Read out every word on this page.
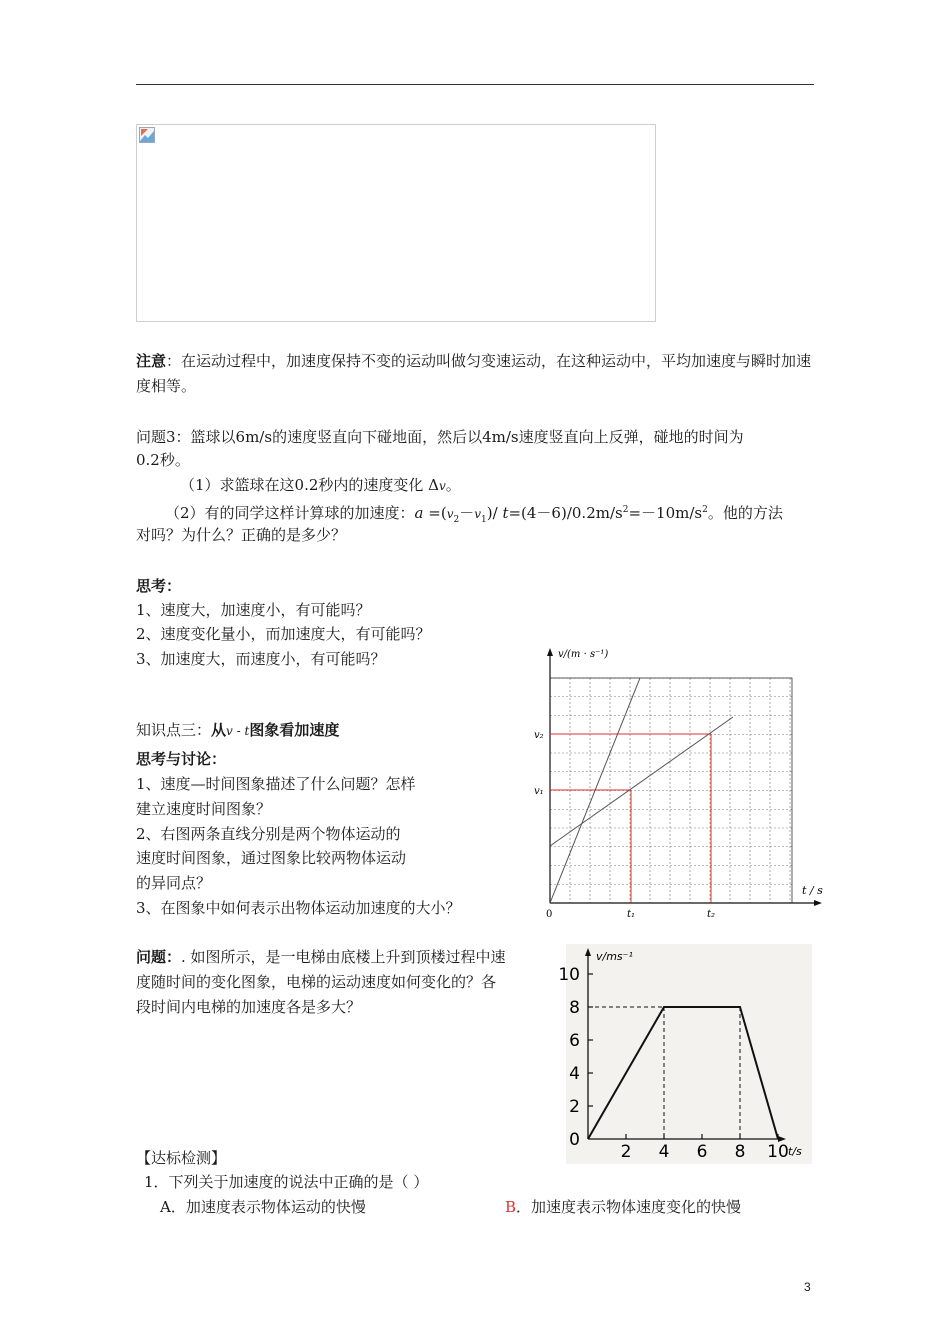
注意：在运动过程中，加速度保持不变的运动叫做匀变速运动，在这种运动中，平均加速度与瞬时加速度相等。
问题3：篮球以6m/s的速度竖直向下碰地面，然后以4m/s速度竖直向上反弹，碰地的时间为
0.2秒。
（1）求篮球在这0.2秒内的速度变化 Δv。
（2）有的同学这样计算球的加速度：$a =(v_2-v_1)/$ $t=(4-6)/0.2m/s^2=-10m/s^2$。他的方法
对吗？为什么？正确的是多少？
思考：
1、速度大，加速度小，有可能吗？
2、速度变化量小，而加速度大，有可能吗？
3、加速度大，而速度小，有可能吗？
知识点三：从v - t图象看加速度
思考与讨论：
1、速度—时间图象描述了什么问题？怎样
建立速度时间图象？
2、右图两条直线分别是两个物体运动的
速度时间图象，通过图象比较两物体运动
的异同点？
3、在图象中如何表示出物体运动加速度的大小？
v/(m · s⁻¹)
t / s
0	t₁	t₂
v₁
v₂
问题：. 如图所示，是一电梯由底楼上升到顶楼过程中速
度随时间的变化图象，电梯的运动速度如何变化的？各
段时间内电梯的加速度各是多大？
0
2
4
6
8
10
2 4 6 8 10
v/ms⁻¹
t/s
【达标检测】
1．下列关于加速度的说法中正确的是（ ）
A．加速度表示物体运动的快慢	B．加速度表示物体速度变化的快慢
3
